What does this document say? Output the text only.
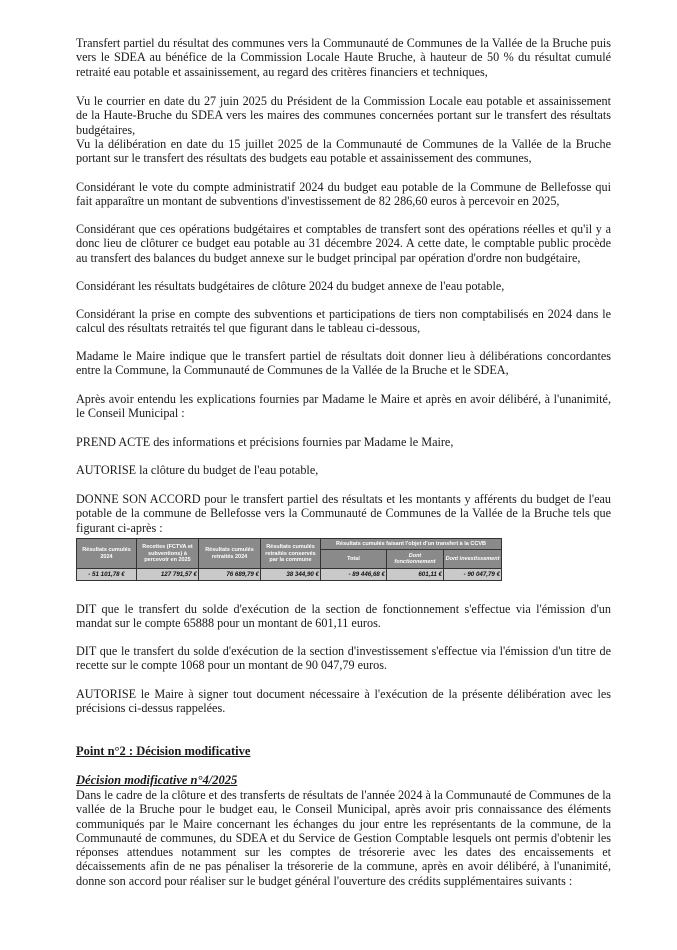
Transfert partiel du résultat des communes vers la Communauté de Communes de la Vallée de la Bruche puis vers le SDEA au bénéfice de la Commission Locale Haute Bruche, à hauteur de 50 % du résultat cumulé retraité eau potable et assainissement, au regard des critères financiers et techniques,

Vu le courrier en date du 27 juin 2025 du Président de la Commission Locale eau potable et assainissement de la Haute-Bruche du SDEA vers les maires des communes concernées portant sur le transfert des résultats budgétaires,

Vu la délibération en date du 15 juillet 2025 de la Communauté de Communes de la Vallée de la Bruche portant sur le transfert des résultats des budgets eau potable et assainissement des communes,

Considérant le vote du compte administratif 2024 du budget eau potable de la Commune de Bellefosse qui fait apparaître un montant de subventions d'investissement de 82 286,60 euros à percevoir en 2025,

Considérant que ces opérations budgétaires et comptables de transfert sont des opérations réelles et qu'il y a donc lieu de clôturer ce budget eau potable au 31 décembre 2024. A cette date, le comptable public procède au transfert des balances du budget annexe sur le budget principal par opération d'ordre non budgétaire,

Considérant les résultats budgétaires de clôture 2024 du budget annexe de l'eau potable,

Considérant la prise en compte des subventions et participations de tiers non comptabilisés en 2024 dans le calcul des résultats retraités tel que figurant dans le tableau ci-dessous,

Madame le Maire indique que le transfert partiel de résultats doit donner lieu à délibérations concordantes entre la Commune, la Communauté de Communes de la Vallée de la Bruche et le SDEA,

Après avoir entendu les explications fournies par Madame le Maire et après en avoir délibéré, à l'unanimité, le Conseil Municipal :

PREND ACTE des informations et précisions fournies par Madame le Maire,

AUTORISE la clôture du budget de l'eau potable,

DONNE SON ACCORD pour le transfert partiel des résultats et les montants y afférents du budget de l'eau potable de la commune de Bellefosse vers la Communauté de Communes de la Vallée de la Bruche tels que figurant ci-après :

Résultats cumulés 2024	Recettes (FCTVA et subventions) à percevoir en 2025	Résultats cumulés retraités 2024	Résultats cumulés retraités conservés par la commune	Résultats cumulés faisant l'objet d'un transfert à la CCVB		
				Total	Dont fonctionnement	Dont investissement
- 51 101,78 €	127 791,57 €	76 689,79 €	38 344,90 €	- 89 446,68 €	601,11 €	- 90 047,79 €

DIT que le transfert du solde d'exécution de la section de fonctionnement s'effectue via l'émission d'un mandat sur le compte 65888 pour un montant de 601,11 euros.

DIT que le transfert du solde d'exécution de la section d'investissement s'effectue via l'émission d'un titre de recette sur le compte 1068 pour un montant de 90 047,79 euros.

AUTORISE le Maire à signer tout document nécessaire à l'exécution de la présente délibération avec les précisions ci-dessus rappelées.

Point n°2 : Décision modificative

Décision modificative n°4/2025

Dans le cadre de la clôture et des transferts de résultats de l'année 2024 à la Communauté de Communes de la vallée de la Bruche pour le budget eau, le Conseil Municipal, après avoir pris connaissance des éléments communiqués par le Maire concernant les échanges du jour entre les représentants de la commune, de la Communauté de communes, du SDEA et du Service de Gestion Comptable lesquels ont permis d'obtenir les réponses attendues notamment sur les comptes de trésorerie avec les dates des encaissements et décaissements afin de ne pas pénaliser la trésorerie de la commune, après en avoir délibéré, à l'unanimité, donne son accord pour réaliser sur le budget général l'ouverture des crédits supplémentaires suivants :
